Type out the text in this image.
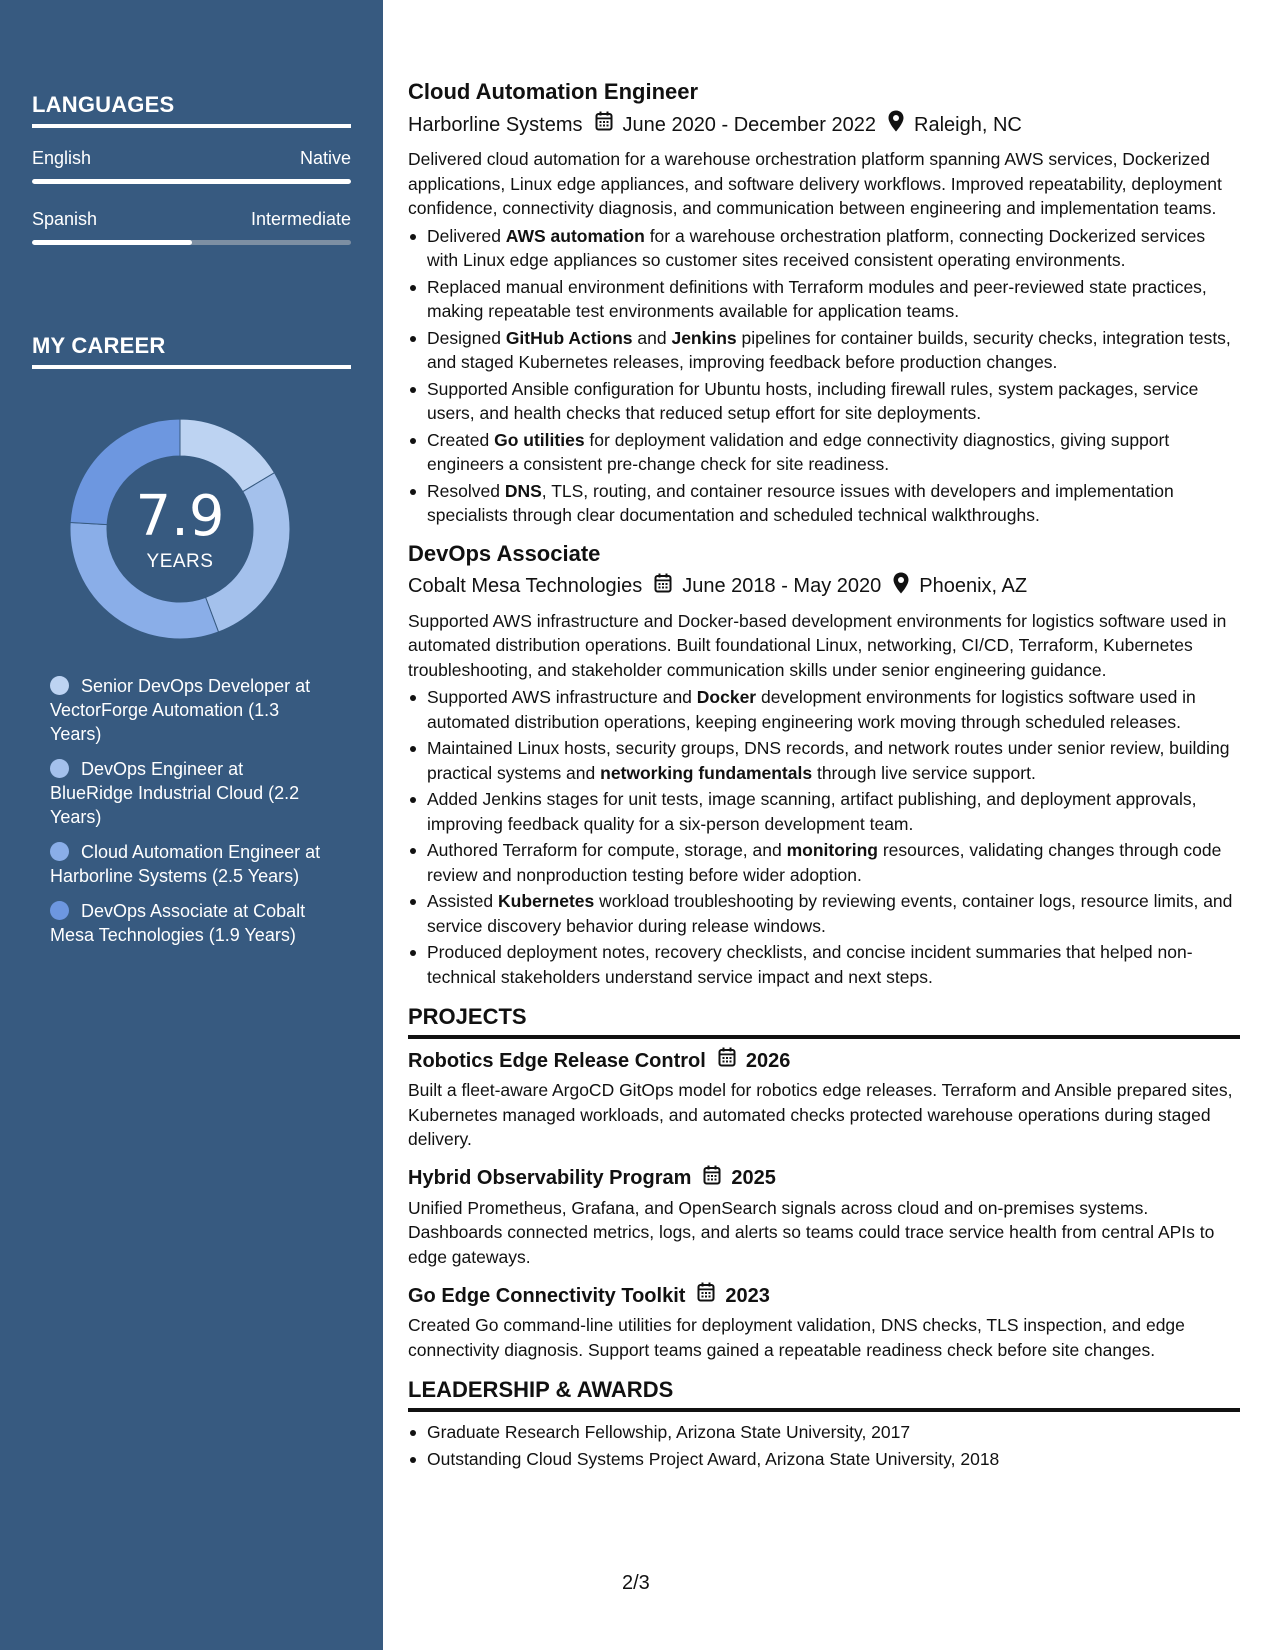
LANGUAGES
English	Native
Spanish	Intermediate
MY CAREER
7.9
YEARS
Senior DevOps Developer at VectorForge Automation (1.3 Years)
DevOps Engineer at BlueRidge Industrial Cloud (2.2 Years)
Cloud Automation Engineer at Harborline Systems (2.5 Years)
DevOps Associate at Cobalt Mesa Technologies (1.9 Years)
Cloud Automation Engineer
Harborline Systems June 2020 - December 2022 Raleigh, NC
Delivered cloud automation for a warehouse orchestration platform spanning AWS services, Dockerized applications, Linux edge appliances, and software delivery workflows. Improved repeatability, deployment confidence, connectivity diagnosis, and communication between engineering and implementation teams.
Delivered AWS automation for a warehouse orchestration platform, connecting Dockerized services with Linux edge appliances so customer sites received consistent operating environments.
Replaced manual environment definitions with Terraform modules and peer-reviewed state practices, making repeatable test environments available for application teams.
Designed GitHub Actions and Jenkins pipelines for container builds, security checks, integration tests, and staged Kubernetes releases, improving feedback before production changes.
Supported Ansible configuration for Ubuntu hosts, including firewall rules, system packages, service users, and health checks that reduced setup effort for site deployments.
Created Go utilities for deployment validation and edge connectivity diagnostics, giving support engineers a consistent pre-change check for site readiness.
Resolved DNS, TLS, routing, and container resource issues with developers and implementation specialists through clear documentation and scheduled technical walkthroughs.
DevOps Associate
Cobalt Mesa Technologies June 2018 - May 2020 Phoenix, AZ
Supported AWS infrastructure and Docker-based development environments for logistics software used in automated distribution operations. Built foundational Linux, networking, CI/CD, Terraform, Kubernetes troubleshooting, and stakeholder communication skills under senior engineering guidance.
Supported AWS infrastructure and Docker development environments for logistics software used in automated distribution operations, keeping engineering work moving through scheduled releases.
Maintained Linux hosts, security groups, DNS records, and network routes under senior review, building practical systems and networking fundamentals through live service support.
Added Jenkins stages for unit tests, image scanning, artifact publishing, and deployment approvals, improving feedback quality for a six-person development team.
Authored Terraform for compute, storage, and monitoring resources, validating changes through code review and nonproduction testing before wider adoption.
Assisted Kubernetes workload troubleshooting by reviewing events, container logs, resource limits, and service discovery behavior during release windows.
Produced deployment notes, recovery checklists, and concise incident summaries that helped non-technical stakeholders understand service impact and next steps.
PROJECTS
Robotics Edge Release Control 2026
Built a fleet-aware ArgoCD GitOps model for robotics edge releases. Terraform and Ansible prepared sites, Kubernetes managed workloads, and automated checks protected warehouse operations during staged delivery.
Hybrid Observability Program 2025
Unified Prometheus, Grafana, and OpenSearch signals across cloud and on-premises systems. Dashboards connected metrics, logs, and alerts so teams could trace service health from central APIs to edge gateways.
Go Edge Connectivity Toolkit 2023
Created Go command-line utilities for deployment validation, DNS checks, TLS inspection, and edge connectivity diagnosis. Support teams gained a repeatable readiness check before site changes.
LEADERSHIP & AWARDS
Graduate Research Fellowship, Arizona State University, 2017
Outstanding Cloud Systems Project Award, Arizona State University, 2018
2/3
